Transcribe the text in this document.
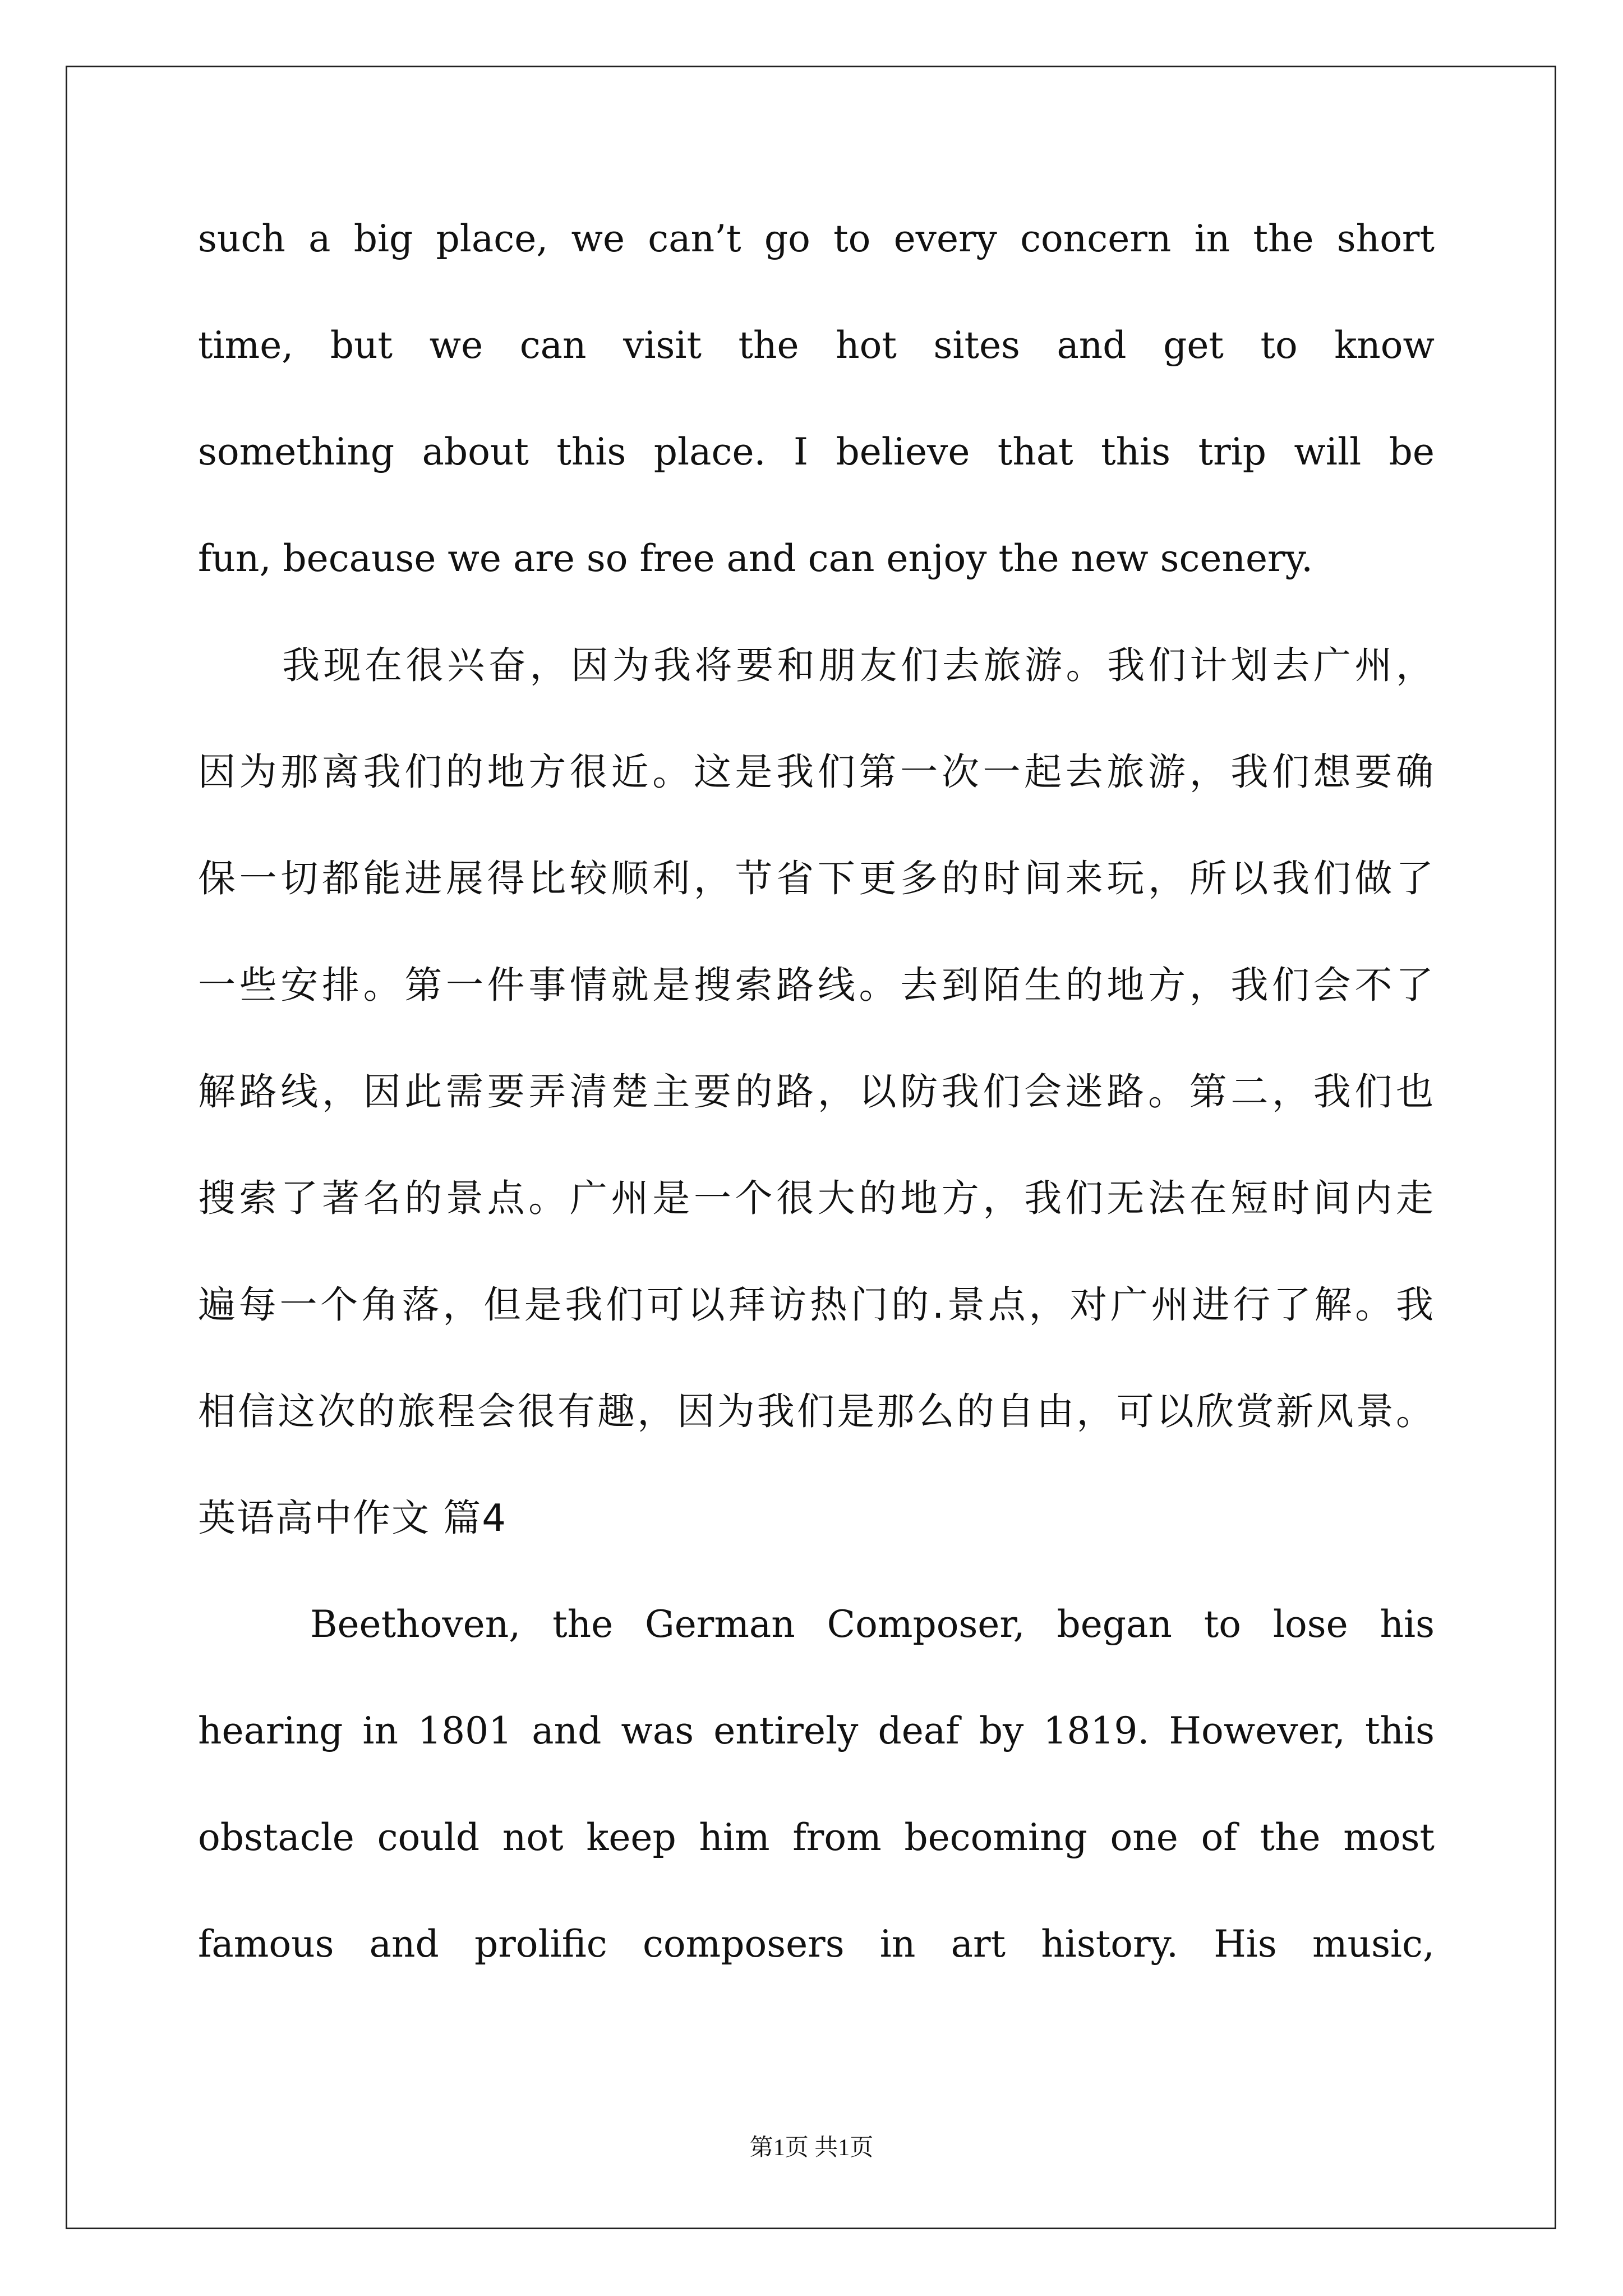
such a big place, we can’t go to every concern in the short
time, but we can visit the hot sites and get to know
something about this place. I believe that this trip will be
fun, because we are so free and can enjoy the new scenery.
我现在很兴奋，因为我将要和朋友们去旅游。我们计划去广州，
因为那离我们的地方很近。这是我们第一次一起去旅游，我们想要确
保一切都能进展得比较顺利，节省下更多的时间来玩，所以我们做了
一些安排。第一件事情就是搜索路线。去到陌生的地方，我们会不了
解路线，因此需要弄清楚主要的路，以防我们会迷路。第二，我们也
搜索了著名的景点。广州是一个很大的地方，我们无法在短时间内走
遍每一个角落，但是我们可以拜访热门的.景点，对广州进行了解。我
相信这次的旅程会很有趣，因为我们是那么的自由，可以欣赏新风景。
英语高中作文 篇4
Beethoven, the German Composer, began to lose his
hearing in 1801 and was entirely deaf by 1819. However, this
obstacle could not keep him from becoming one of the most
famous and prolific composers in art history. His music,
第1页 共1页
